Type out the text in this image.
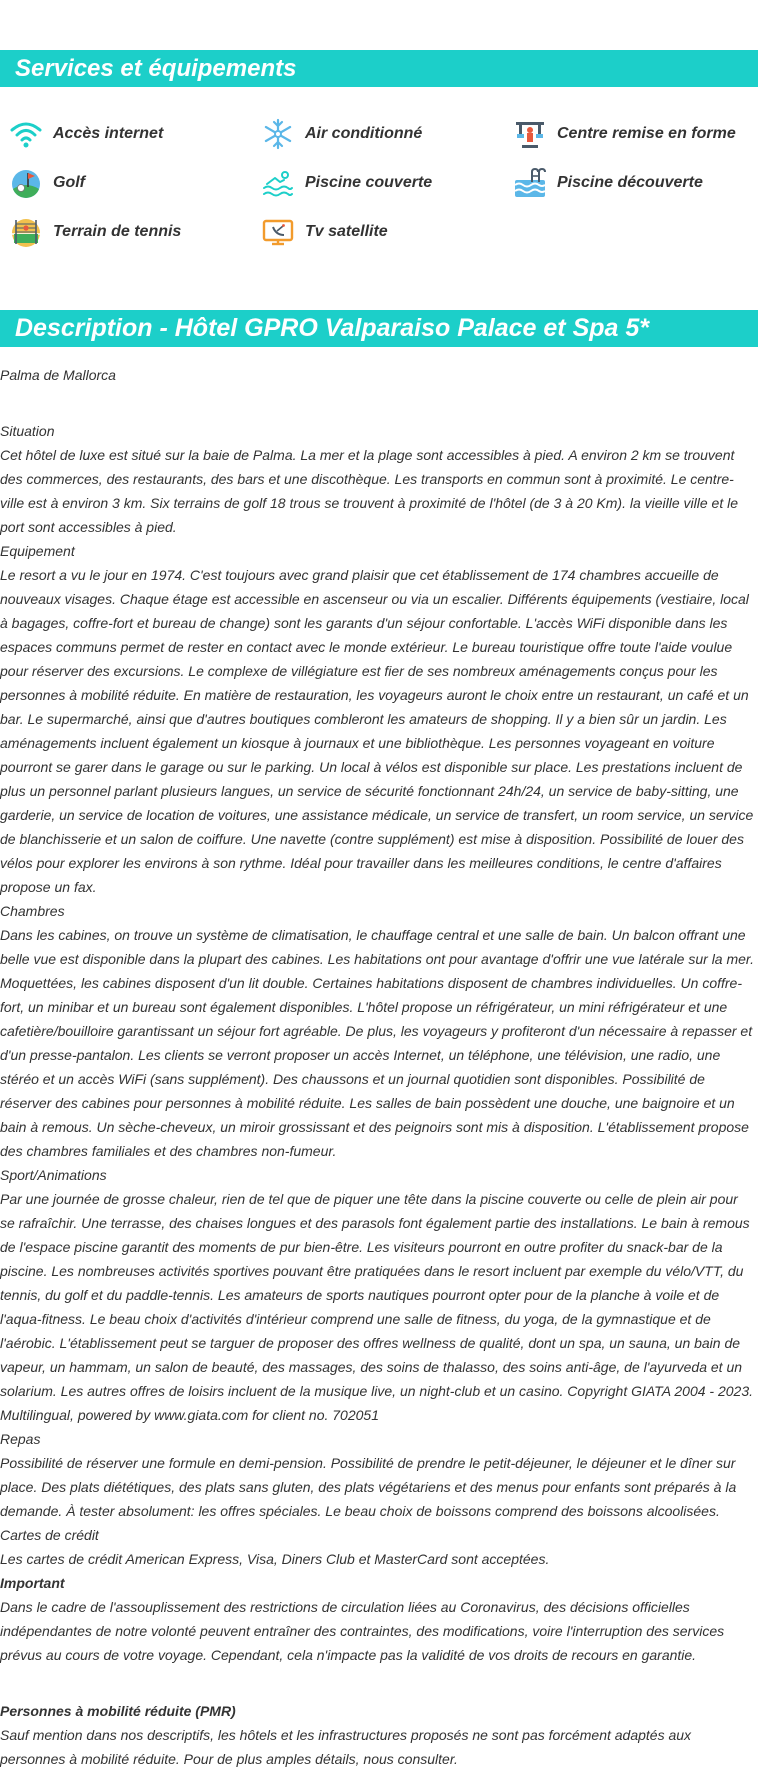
Services et équipements
Accès internet	Air conditionné	Centre remise en forme
Golf	Piscine couverte	Piscine découverte
Terrain de tennis	Tv satellite
Description - Hôtel GPRO Valparaiso Palace et Spa 5*

Palma de Mallorca

Situation

Cet hôtel de luxe est situé sur la baie de Palma. La mer et la plage sont accessibles à pied. A environ 2 km se trouvent des commerces, des restaurants, des bars et une discothèque. Les transports en commun sont à proximité. Le centre-ville est à environ 3 km. Six terrains de golf 18 trous se trouvent à proximité de l'hôtel (de 3 à 20 Km). la vieille ville et le port sont accessibles à pied.

Equipement

Le resort a vu le jour en 1974. C'est toujours avec grand plaisir que cet établissement de 174 chambres accueille de nouveaux visages. Chaque étage est accessible en ascenseur ou via un escalier. Différents équipements (vestiaire, local à bagages, coffre-fort et bureau de change) sont les garants d'un séjour confortable. L'accès WiFi disponible dans les espaces communs permet de rester en contact avec le monde extérieur. Le bureau touristique offre toute l'aide voulue pour réserver des excursions. Le complexe de villégiature est fier de ses nombreux aménagements conçus pour les personnes à mobilité réduite. En matière de restauration, les voyageurs auront le choix entre un restaurant, un café et un bar. Le supermarché, ainsi que d'autres boutiques combleront les amateurs de shopping. Il y a bien sûr un jardin. Les aménagements incluent également un kiosque à journaux et une bibliothèque. Les personnes voyageant en voiture pourront se garer dans le garage ou sur le parking. Un local à vélos est disponible sur place. Les prestations incluent de plus un personnel parlant plusieurs langues, un service de sécurité fonctionnant 24h/24, un service de baby-sitting, une garderie, un service de location de voitures, une assistance médicale, un service de transfert, un room service, un service de blanchisserie et un salon de coiffure. Une navette (contre supplément) est mise à disposition. Possibilité de louer des vélos pour explorer les environs à son rythme. Idéal pour travailler dans les meilleures conditions, le centre d'affaires propose un fax.

Chambres

Dans les cabines, on trouve un système de climatisation, le chauffage central et une salle de bain. Un balcon offrant une belle vue est disponible dans la plupart des cabines. Les habitations ont pour avantage d'offrir une vue latérale sur la mer. Moquettées, les cabines disposent d'un lit double. Certaines habitations disposent de chambres individuelles. Un coffre-fort, un minibar et un bureau sont également disponibles. L'hôtel propose un réfrigérateur, un mini réfrigérateur et une cafetière/bouilloire garantissant un séjour fort agréable. De plus, les voyageurs y profiteront d'un nécessaire à repasser et d'un presse-pantalon. Les clients se verront proposer un accès Internet, un téléphone, une télévision, une radio, une stéréo et un accès WiFi (sans supplément). Des chaussons et un journal quotidien sont disponibles. Possibilité de réserver des cabines pour personnes à mobilité réduite. Les salles de bain possèdent une douche, une baignoire et un bain à remous. Un sèche-cheveux, un miroir grossissant et des peignoirs sont mis à disposition. L'établissement propose des chambres familiales et des chambres non-fumeur.

Sport/Animations

Par une journée de grosse chaleur, rien de tel que de piquer une tête dans la piscine couverte ou celle de plein air pour se rafraîchir. Une terrasse, des chaises longues et des parasols font également partie des installations. Le bain à remous de l'espace piscine garantit des moments de pur bien-être. Les visiteurs pourront en outre profiter du snack-bar de la piscine. Les nombreuses activités sportives pouvant être pratiquées dans le resort incluent par exemple du vélo/VTT, du tennis, du golf et du paddle-tennis. Les amateurs de sports nautiques pourront opter pour de la planche à voile et de l'aqua-fitness. Le beau choix d'activités d'intérieur comprend une salle de fitness, du yoga, de la gymnastique et de l'aérobic. L'établissement peut se targuer de proposer des offres wellness de qualité, dont un spa, un sauna, un bain de vapeur, un hammam, un salon de beauté, des massages, des soins de thalasso, des soins anti-âge, de l'ayurveda et un solarium. Les autres offres de loisirs incluent de la musique live, un night-club et un casino. Copyright GIATA 2004 - 2023. Multilingual, powered by www.giata.com for client no. 702051

Repas

Possibilité de réserver une formule en demi-pension. Possibilité de prendre le petit-déjeuner, le déjeuner et le dîner sur place. Des plats diététiques, des plats sans gluten, des plats végétariens et des menus pour enfants sont préparés à la demande. À tester absolument: les offres spéciales. Le beau choix de boissons comprend des boissons alcoolisées.

Cartes de crédit

Les cartes de crédit American Express, Visa, Diners Club et MasterCard sont acceptées.

Important

Dans le cadre de l'assouplissement des restrictions de circulation liées au Coronavirus, des décisions officielles indépendantes de notre volonté peuvent entraîner des contraintes, des modifications, voire l'interruption des services prévus au cours de votre voyage. Cependant, cela n'impacte pas la validité de vos droits de recours en garantie.

Personnes à mobilité réduite (PMR)

Sauf mention dans nos descriptifs, les hôtels et les infrastructures proposés ne sont pas forcément adaptés aux personnes à mobilité réduite. Pour de plus amples détails, nous consulter.
